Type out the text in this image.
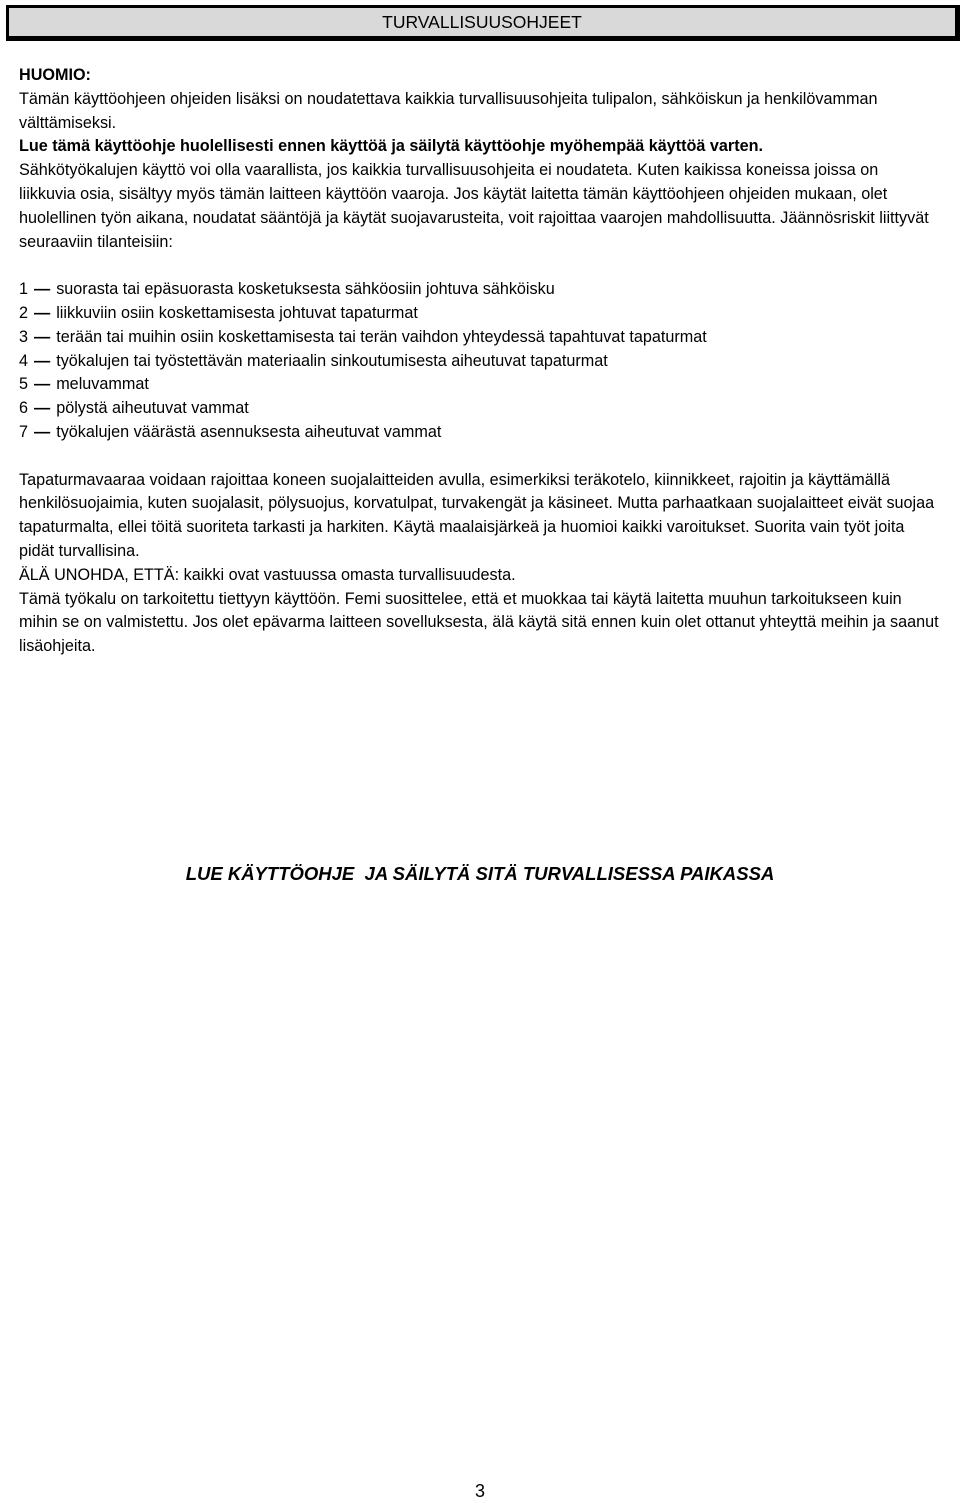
TURVALLISUUSOHJEET

HUOMIO:

Tämän käyttöohjeen ohjeiden lisäksi on noudatettava kaikkia turvallisuusohjeita tulipalon, sähköiskun ja henkilövamman välttämiseksi.

Lue tämä käyttöohje huolellisesti ennen käyttöä ja säilytä käyttöohje myöhempää käyttöä varten.

Sähkötyökalujen käyttö voi olla vaarallista, jos kaikkia turvallisuusohjeita ei noudateta. Kuten kaikissa koneissa joissa on liikkuvia osia, sisältyy myös tämän laitteen käyttöön vaaroja. Jos käytät laitetta tämän käyttöohjeen ohjeiden mukaan, olet huolellinen työn aikana, noudatat sääntöjä ja käytät suojavarusteita, voit rajoittaa vaarojen mahdollisuutta. Jäännösriskit liittyvät seuraaviin tilanteisiin:

1 — suorasta tai epäsuorasta kosketuksesta sähköosiin johtuva sähköisku

2 — liikkuviin osiin koskettamisesta johtuvat tapaturmat

3 — terään tai muihin osiin koskettamisesta tai terän vaihdon yhteydessä tapahtuvat tapaturmat

4 — työkalujen tai työstettävän materiaalin sinkoutumisesta aiheutuvat tapaturmat

5 — meluvammat

6 — pölystä aiheutuvat vammat

7 — työkalujen väärästä asennuksesta aiheutuvat vammat

Tapaturmavaaraa voidaan rajoittaa koneen suojalaitteiden avulla, esimerkiksi teräkotelo, kiinnikkeet, rajoitin ja käyttämällä henkilösuojaimia, kuten suojalasit, pölysuojus, korvatulpat, turvakengät ja käsineet. Mutta parhaatkaan suojalaitteet eivät suojaa tapaturmalta, ellei töitä suoriteta tarkasti ja harkiten. Käytä maalaisjärkeä ja huomioi kaikki varoitukset. Suorita vain työt joita pidät turvallisina.

ÄLÄ UNOHDA, ETTÄ: kaikki ovat vastuussa omasta turvallisuudesta.

Tämä työkalu on tarkoitettu tiettyyn käyttöön. Femi suosittelee, että et muokkaa tai käytä laitetta muuhun tarkoitukseen kuin mihin se on valmistettu. Jos olet epävarma laitteen sovelluksesta, älä käytä sitä ennen kuin olet ottanut yhteyttä meihin ja saanut lisäohjeita.

LUE KÄYTTÖOHJE  JA SÄILYTÄ SITÄ TURVALLISESSA PAIKASSA
3
